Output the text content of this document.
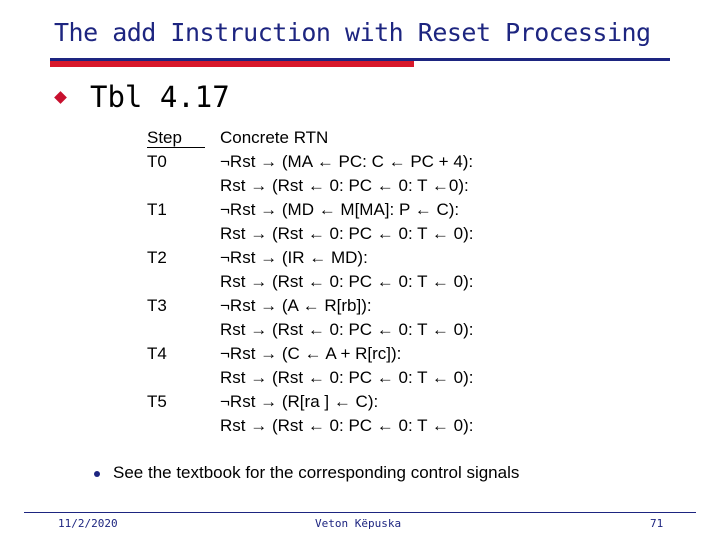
The add Instruction with Reset Processing
Tbl 4.17
Step	Concrete RTN
T0	¬Rst → (MA ← PC: C ← PC + 4):
Rst → (Rst ← 0: PC ← 0: T ←0):
T1	¬Rst → (MD ← M[MA]: P ← C):
Rst → (Rst ← 0: PC ← 0: T ← 0):
T2	¬Rst → (IR ← MD):
Rst → (Rst ← 0: PC ← 0: T ← 0):
T3	¬Rst → (A ← R[rb]):
Rst → (Rst ← 0: PC ← 0: T ← 0):
T4	¬Rst → (C ← A + R[rc]):
Rst → (Rst ← 0: PC ← 0: T ← 0):
T5	¬Rst → (R[ra ] ← C):
Rst → (Rst ← 0: PC ← 0: T ← 0):
See the textbook for the corresponding control signals
11/2/2020	Veton Këpuska	71
